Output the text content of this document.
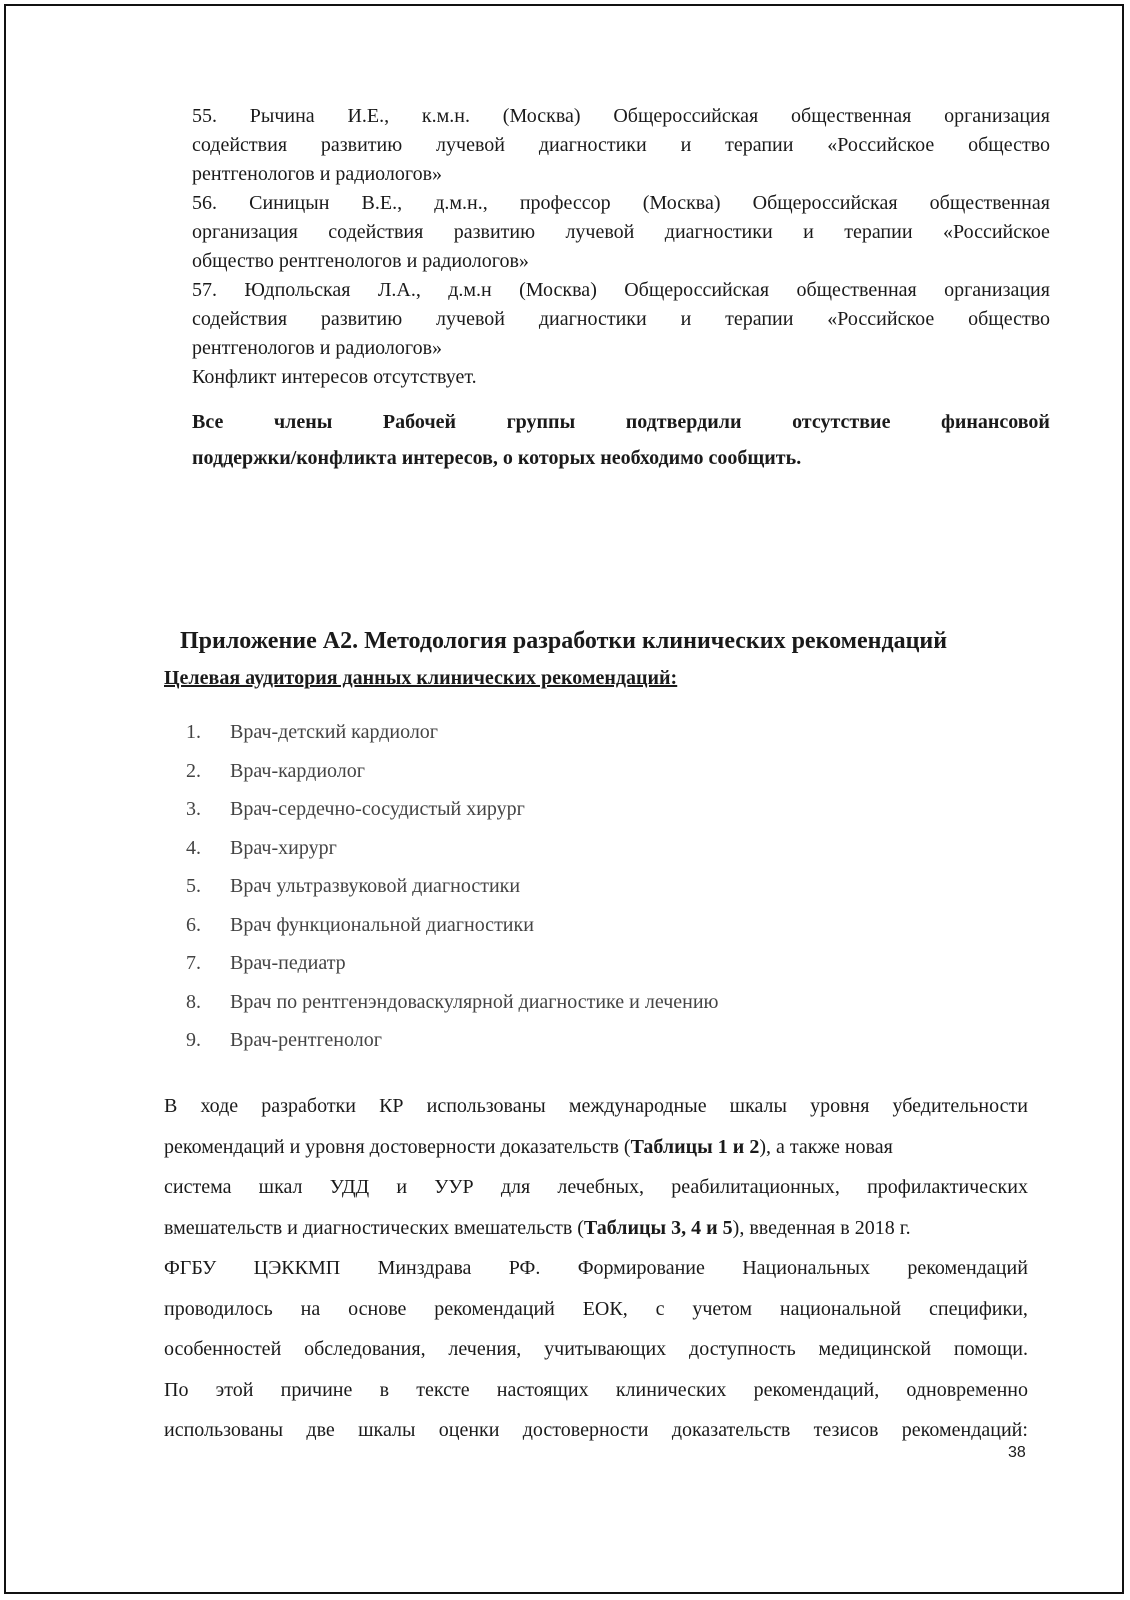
55. Рычина И.Е., к.м.н. (Москва) Общероссийская общественная организация
содействия развитию лучевой диагностики и терапии «Российское общество
рентгенологов и радиологов»
56. Синицын В.Е., д.м.н., профессор (Москва) Общероссийская общественная
организация содействия развитию лучевой диагностики и терапии «Российское
общество рентгенологов и радиологов»
57. Юдпольская Л.А., д.м.н (Москва) Общероссийская общественная организация
содействия развитию лучевой диагностики и терапии «Российское общество
рентгенологов и радиологов»
Конфликт интересов отсутствует.
Все	члены	Рабочей	группы	подтвердили	отсутствие	финансовой
поддержки/конфликта интересов, о которых необходимо сообщить.
Приложение А2. Методология разработки клинических рекомендаций
Целевая аудитория данных клинических рекомендаций:
1. Врач-детский кардиолог
2. Врач-кардиолог
3. Врач-сердечно-сосудистый хирург
4. Врач-хирург
5. Врач ультразвуковой диагностики
6. Врач функциональной диагностики
7. Врач-педиатр
8. Врач по рентгенэндоваскулярной диагностике и лечению
9. Врач-рентгенолог
В ходе разработки КР использованы международные шкалы уровня убедительности
рекомендаций и уровня достоверности доказательств (Таблицы 1 и 2), а также новая
система шкал УДД и УУР для лечебных, реабилитационных, профилактических
вмешательств и диагностических вмешательств (Таблицы 3, 4 и 5), введенная в 2018 г.
ФГБУ ЦЭККМП Минздрава РФ. Формирование Национальных рекомендаций
проводилось на основе рекомендаций ЕОК, с учетом национальной специфики,
особенностей обследования, лечения, учитывающих доступность медицинской помощи.
По этой причине в тексте настоящих клинических рекомендаций, одновременно
использованы две шкалы оценки достоверности доказательств тезисов рекомендаций:
38
